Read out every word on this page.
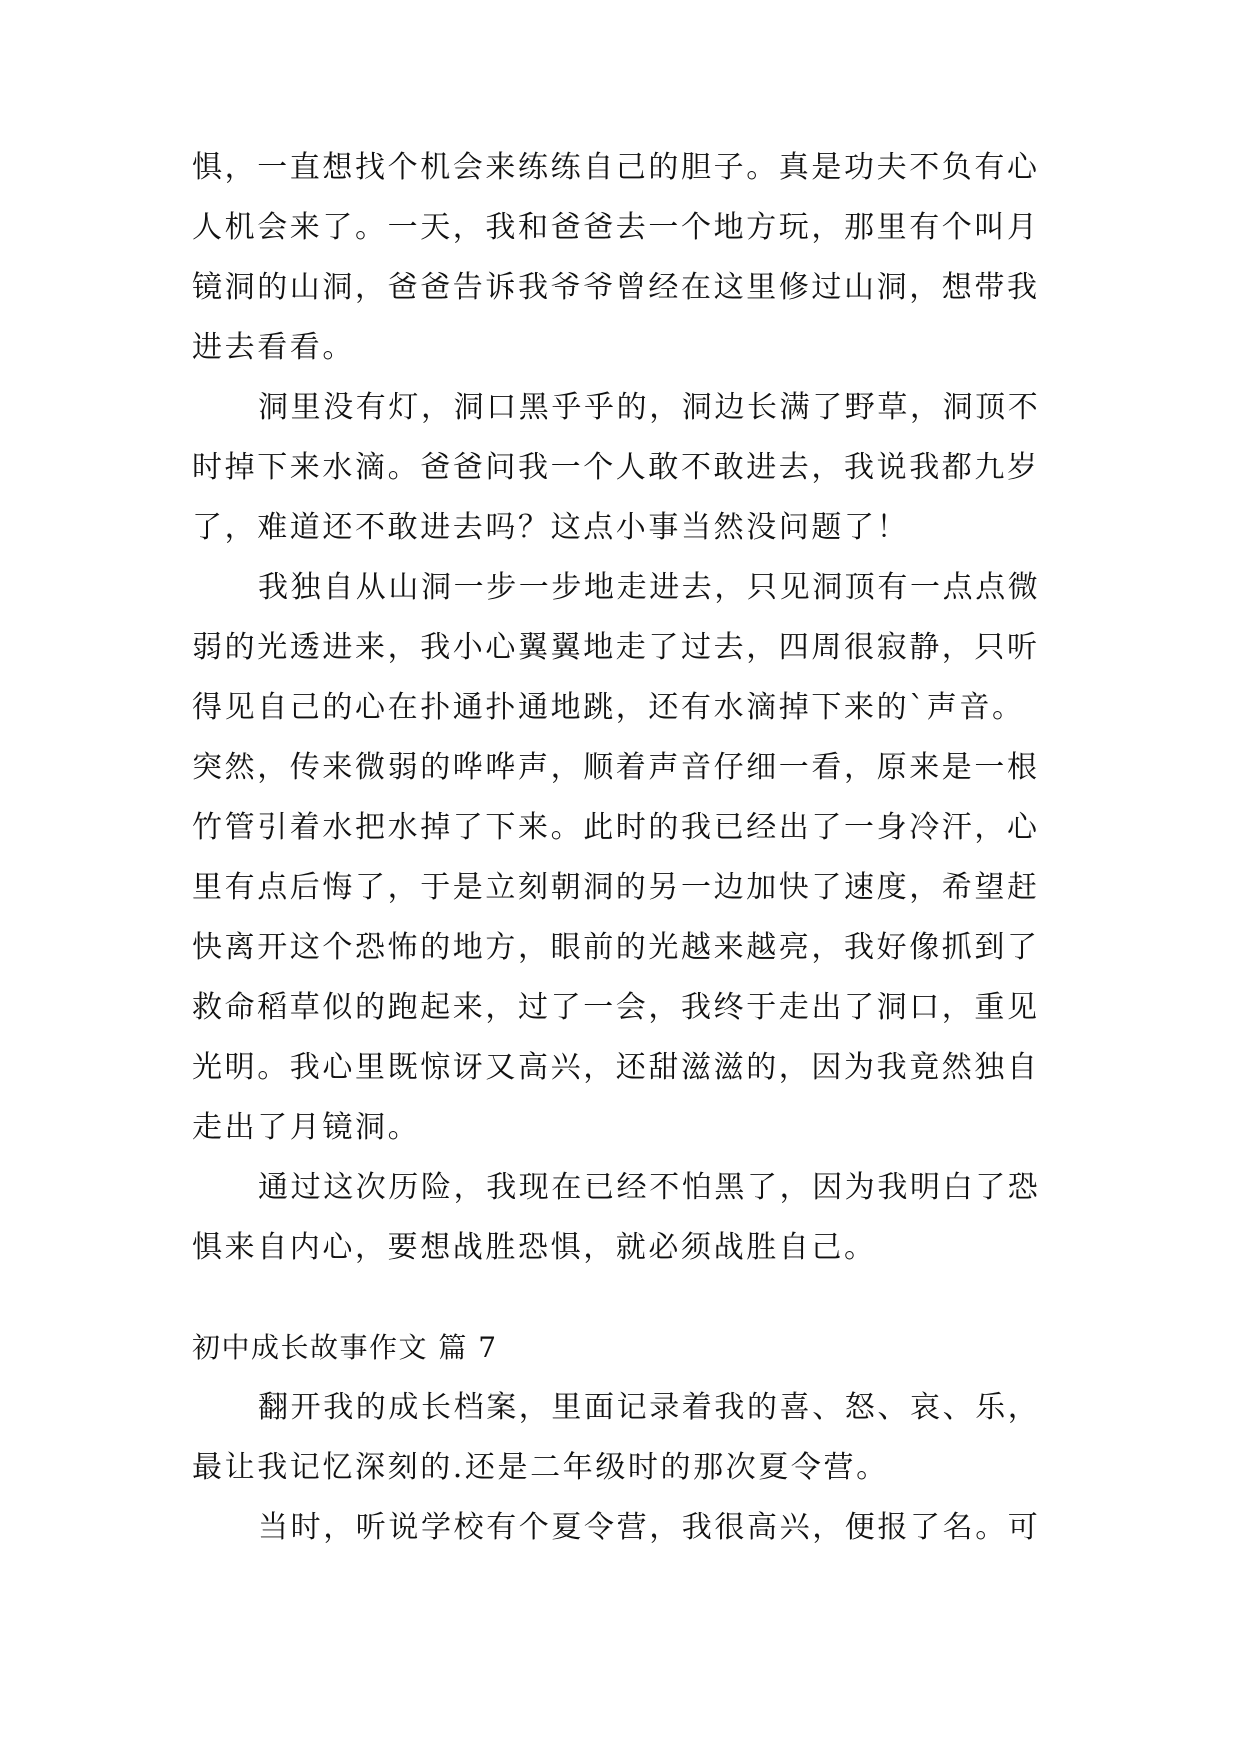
惧，一直想找个机会来练练自己的胆子。真是功夫不负有心
人机会来了。一天，我和爸爸去一个地方玩，那里有个叫月
镜洞的山洞，爸爸告诉我爷爷曾经在这里修过山洞，想带我
进去看看。
洞里没有灯，洞口黑乎乎的，洞边长满了野草，洞顶不
时掉下来水滴。爸爸问我一个人敢不敢进去，我说我都九岁
了，难道还不敢进去吗？这点小事当然没问题了！
我独自从山洞一步一步地走进去，只见洞顶有一点点微
弱的光透进来，我小心翼翼地走了过去，四周很寂静，只听
得见自己的心在扑通扑通地跳，还有水滴掉下来的`声音。
突然，传来微弱的哗哗声，顺着声音仔细一看，原来是一根
竹管引着水把水掉了下来。此时的我已经出了一身冷汗，心
里有点后悔了，于是立刻朝洞的另一边加快了速度，希望赶
快离开这个恐怖的地方，眼前的光越来越亮，我好像抓到了
救命稻草似的跑起来，过了一会，我终于走出了洞口，重见
光明。我心里既惊讶又高兴，还甜滋滋的，因为我竟然独自
走出了月镜洞。
通过这次历险，我现在已经不怕黑了，因为我明白了恐
惧来自内心，要想战胜恐惧，就必须战胜自己。
初中成长故事作文 篇 7
翻开我的成长档案，里面记录着我的喜、怒、哀、乐，
最让我记忆深刻的.还是二年级时的那次夏令营。
当时，听说学校有个夏令营，我很高兴，便报了名。可
